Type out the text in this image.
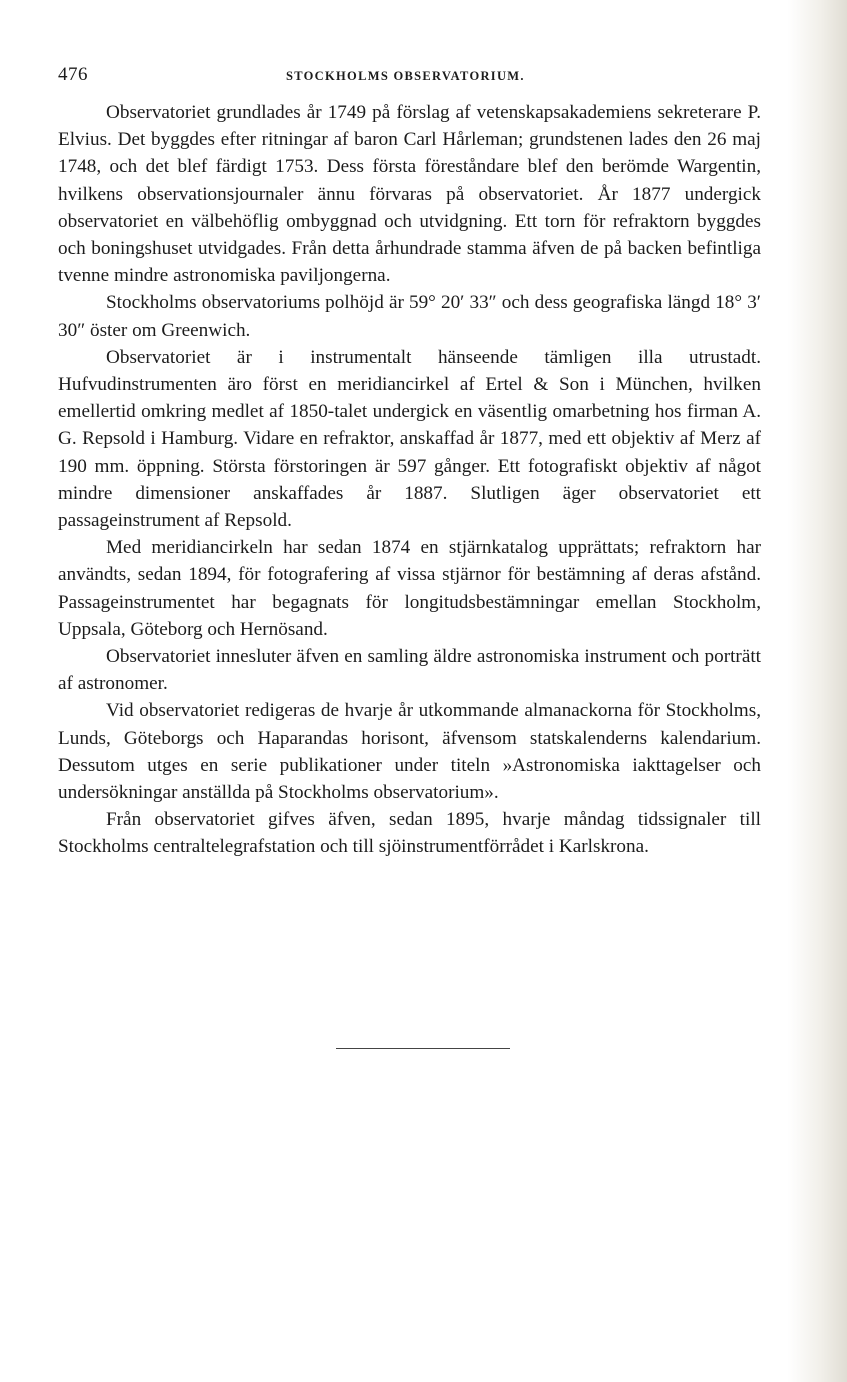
476	STOCKHOLMS OBSERVATORIUM.

Observatoriet grundlades år 1749 på förslag af vetenskapsakademiens sekreterare P. Elvius. Det byggdes efter ritningar af baron Carl Hårleman; grundstenen lades den 26 maj 1748, och det blef färdigt 1753. Dess första föreståndare blef den berömde Wargentin, hvilkens observationsjournaler ännu förvaras på observatoriet. År 1877 undergick observatoriet en välbehöflig ombyggnad och utvidgning. Ett torn för refraktorn byggdes och boningshuset utvidgades. Från detta århundrade stamma äfven de på backen befintliga tvenne mindre astronomiska paviljongerna.

Stockholms observatoriums polhöjd är 59° 20′ 33″ och dess geografiska längd 18° 3′ 30″ öster om Greenwich.

Observatoriet är i instrumentalt hänseende tämligen illa utrustadt. Hufvudinstrumenten äro först en meridiancirkel af Ertel & Son i München, hvilken emellertid omkring medlet af 1850-talet undergick en väsentlig omarbetning hos firman A. G. Repsold i Hamburg. Vidare en refraktor, anskaffad år 1877, med ett objektiv af Merz af 190 mm. öppning. Största förstoringen är 597 gånger. Ett fotografiskt objektiv af något mindre dimensioner anskaffades år 1887. Slutligen äger observatoriet ett passageinstrument af Repsold.

Med meridiancirkeln har sedan 1874 en stjärnkatalog upprättats; refraktorn har användts, sedan 1894, för fotografering af vissa stjärnor för bestämning af deras afstånd. Passageinstrumentet har begagnats för longitudsbestämningar emellan Stockholm, Uppsala, Göteborg och Hernösand.

Observatoriet innesluter äfven en samling äldre astronomiska instrument och porträtt af astronomer.

Vid observatoriet redigeras de hvarje år utkommande almanackorna för Stockholms, Lunds, Göteborgs och Haparandas horisont, äfvensom statskalenderns kalendarium. Dessutom utges en serie publikationer under titeln »Astronomiska iakttagelser och undersökningar anställda på Stockholms observatorium».

Från observatoriet gifves äfven, sedan 1895, hvarje måndag tidssignaler till Stockholms centraltelegrafstation och till sjöinstrumentförrådet i Karlskrona.
